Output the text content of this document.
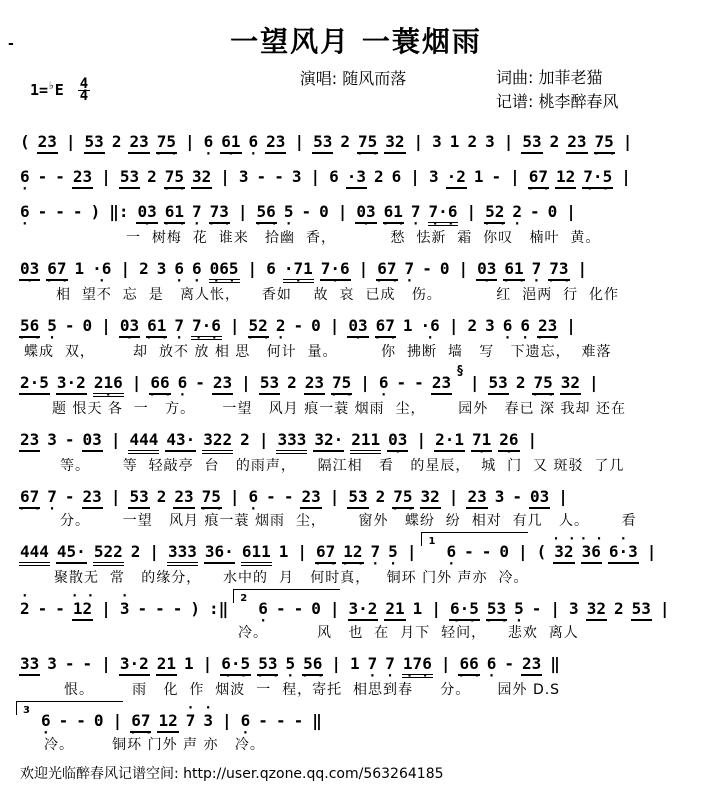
-	一望风月 一蓑烟雨
1= ♭ E 4
4
演唱: 随风而落	词曲: 加菲老猫
记谱: 桃李醉春风
( 23 | 53 2 23 75 · · | 6 · 61 · 6 · 23 | 53 2 75 · · 32 | 3 1 2 3 | 53 2 23 75 · · |
6 · - - 23 | 53 2 75 · · 32 | 3 - - 3 | 6 ·3 2 6 | 3 ·2 1 - | 67 · · 12 7·5 · · |
6 · - - - ) ‖: 03 · 61 · · 7 · 73 · · | 56 · · 5 · - 0 | 03 · 61 · · 7 · 7·6 · · | 52 · · 2 · - 0 |
一  树梅  花  谁来   拾幽  香，          愁  怯新  霜  你叹   楠叶  黄。
03 · 67 · · 1 ·6 · | 2 3 6 · 6 · 065 · · | 6 ·71 · 7·6 · | 67 · · 7 · - 0 | 03 · 61 · · 7 · 73 · · |
相  望不  忘  是   离人怅，    香如    故  哀  已成   伤。          红  浥两  行  化作
56 · · 5 · - 0 | 03 · 61 · · 7 · 7·6 · · | 52 · · 2 · - 0 | 03 · 67 · · 1 ·6 · | 2 3 6 · 6 · 23 · · |
蝶成  双，       却  放不 放 相 思   何计  量。        你  拂断  墙   写   下遗忘，  难落
2·5 3·2 216 · | 66 · · 6 · - 23 | 53 2 23 75 · · | 6 · - - 23§| 53 2 75 · · 32 |
题 恨天 各  一   方。     一望   风月 痕一蓑 烟雨  尘，      园外   春已 深 我却 还在
23 3 - 03 | 444 43· 322 2 | 333 32· 211 03 · | 2·1 71 · 26 · |
等。      等  轻敲亭  台   的雨声，    隔江相   看   的星辰，  城  门  又 斑驳  了几
67 · · 7 · - 23 | 53 2 23 75 · · | 6 · - - 23 | 53 2 75 · · 32 | 23 3 - 03 |
分。      一望   风月 痕一蓑 烟雨  尘，      窗外   蝶纷  纷  相对  有几   人。      看
444 45· 522 2 | 333 36· 611 1 | 67 · · 12 · · 7 · 5 · |16 · - - 0 | ( · · 32 · · 36 · 6·3 |
聚散无  常   的缘分，    水中的  月   何时真，   铜环 门外 声亦  冷。
· 2 - - · · 12 | · 3 - - - ) :‖26 · - - 0 | 3·2 21 1 | 6·5 · · 53 · · 5 · - | 3 32 2 53 |
冷。         风   也  在  月下  轻问，    悲欢  离人
33 3 - - | 3·2 21 1 | 6·5 · · 53 · · 5 · 56 · · | 1 7 · 7 · 176 · · | 66 · · 6 · - 23 ‖
恨。       雨   化  作  烟波  一  程，寄托  相思到春     分。     园外 D.S
36 · - - 0 | 67 · · 12 · 7 · 3 | 6 · - - - ‖
冷。       铜环 门外 声 亦   冷。
欢迎光临醉春风记谱空间: http://user.qzone.qq.com/563264185
